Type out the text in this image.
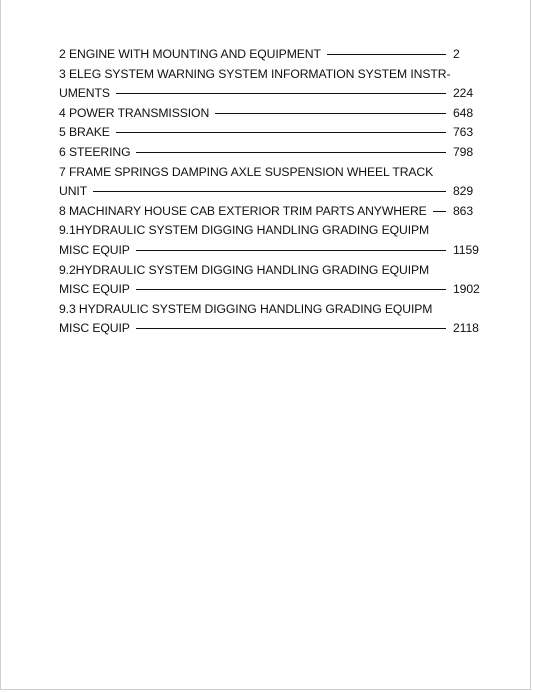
2 ENGINE WITH MOUNTING AND EQUIPMENT	2
3 ELEG SYSTEM WARNING SYSTEM INFORMATION SYSTEM INSTR-
UMENTS	224
4 POWER TRANSMISSION	648
5 BRAKE	763
6 STEERING	798
7 FRAME SPRINGS DAMPING AXLE SUSPENSION WHEEL TRACK
UNIT	829
8 MACHINARY HOUSE CAB EXTERIOR TRIM PARTS ANYWHERE 863
9.1HYDRAULIC SYSTEM DIGGING HANDLING GRADING EQUIPM
MISC EQUIP	1159
9.2HYDRAULIC SYSTEM DIGGING HANDLING GRADING EQUIPM
MISC EQUIP	1902
9.3 HYDRAULIC SYSTEM DIGGING HANDLING GRADING EQUIPM
MISC EQUIP	2118
